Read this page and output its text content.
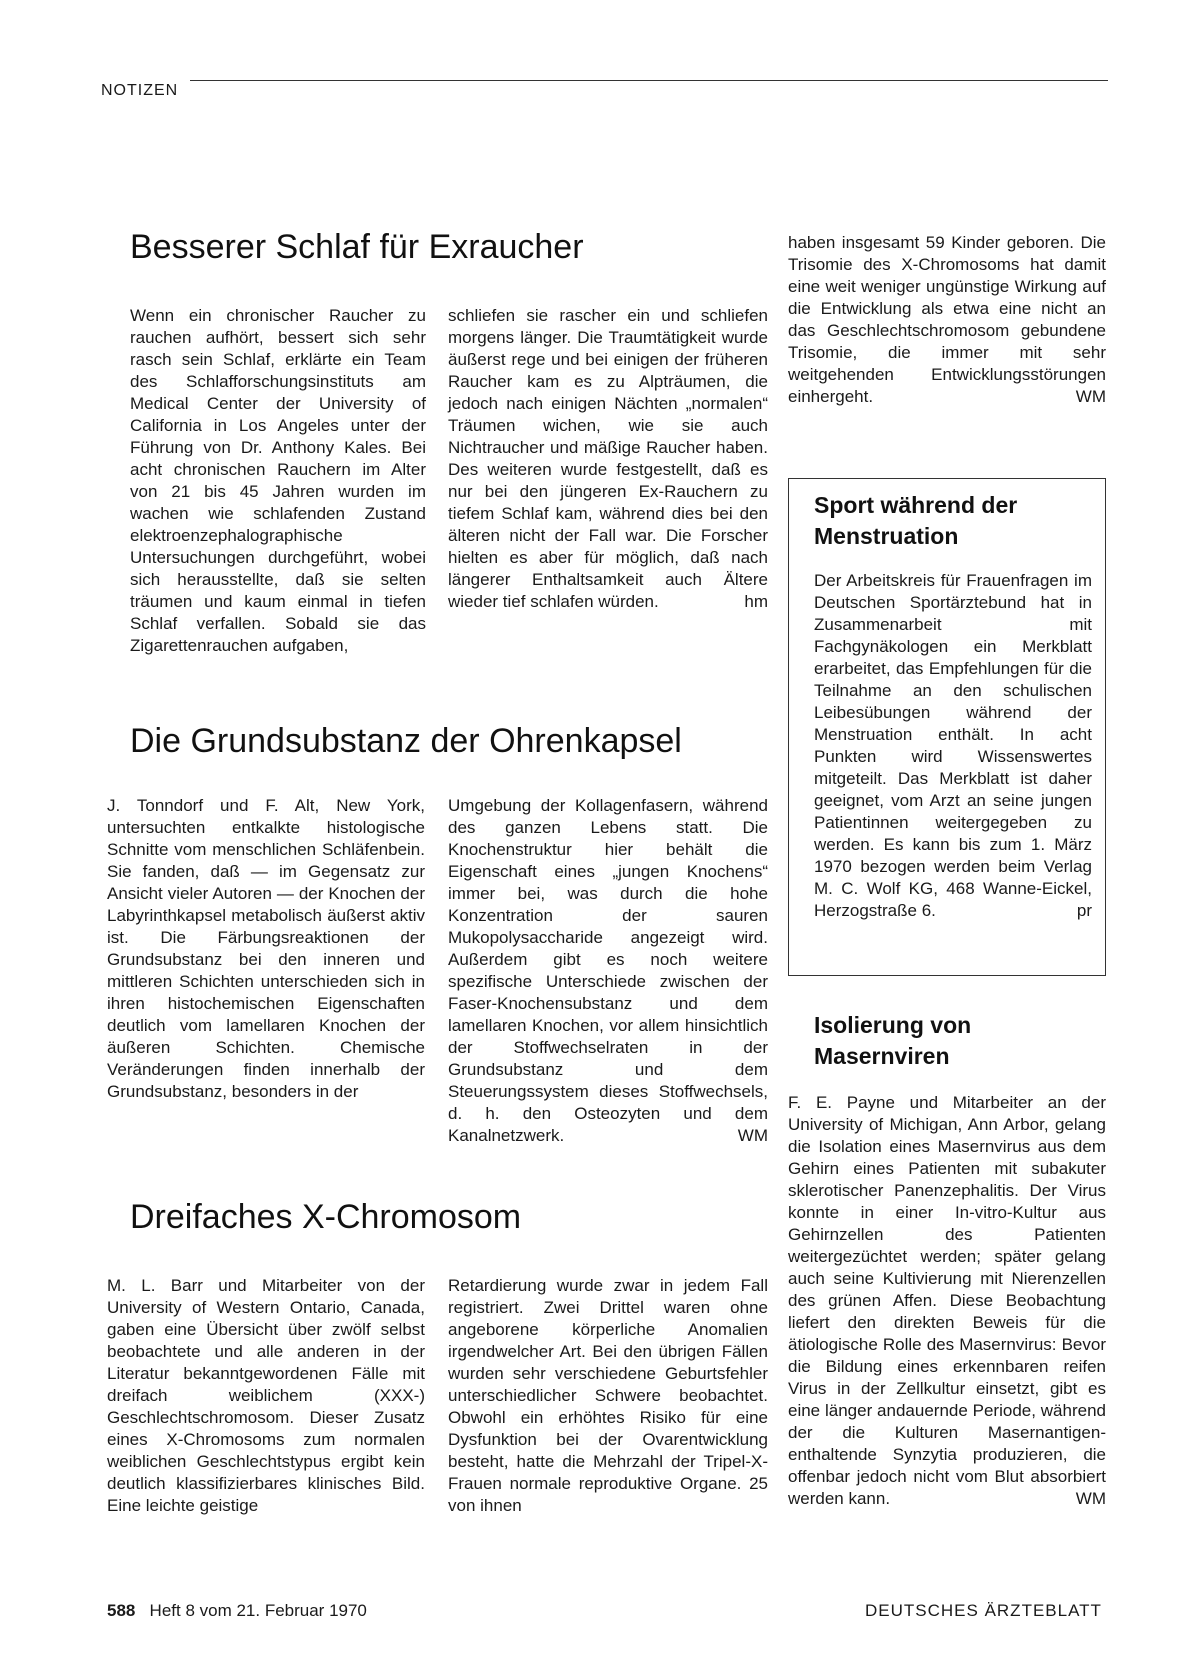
NOTIZEN
Besserer Schlaf für Exraucher

Wenn ein chronischer Raucher zu rauchen aufhört, bessert sich sehr rasch sein Schlaf, erklärte ein Team des Schlafforschungsinstituts am Medical Center der University of California in Los Angeles unter der Führung von Dr. Anthony Kales. Bei acht chronischen Rauchern im Alter von 21 bis 45 Jahren wurden im wachen wie schlafenden Zustand elektroenzephalographische Untersuchungen durchgeführt, wobei sich herausstellte, daß sie selten träumen und kaum einmal in tiefen Schlaf verfallen. Sobald sie das Zigarettenrauchen aufgaben,

schliefen sie rascher ein und schliefen morgens länger. Die Traumtätigkeit wurde äußerst rege und bei einigen der früheren Raucher kam es zu Alpträumen, die jedoch nach einigen Nächten „normalen“ Träumen wichen, wie sie auch Nichtraucher und mäßige Raucher haben. Des weiteren wurde festgestellt, daß es nur bei den jüngeren Ex-Rauchern zu tiefem Schlaf kam, während dies bei den älteren nicht der Fall war. Die Forscher hielten es aber für möglich, daß nach längerer Enthaltsamkeit auch Ältere wieder tief schlafen würden.	hm

Die Grundsubstanz der Ohrenkapsel

J. Tonndorf und F. Alt, New York, untersuchten entkalkte histologische Schnitte vom menschlichen Schläfenbein. Sie fanden, daß — im Gegensatz zur Ansicht vieler Autoren — der Knochen der Labyrinthkapsel metabolisch äußerst aktiv ist. Die Färbungsreaktionen der Grundsubstanz bei den inneren und mittleren Schichten unterschieden sich in ihren histochemischen Eigenschaften deutlich vom lamellaren Knochen der äußeren Schichten. Chemische Veränderungen finden innerhalb der Grundsubstanz, besonders in der

Umgebung der Kollagenfasern, während des ganzen Lebens statt. Die Knochenstruktur hier behält die Eigenschaft eines „jungen Knochens“ immer bei, was durch die hohe Konzentration der sauren Mukopolysaccharide angezeigt wird. Außerdem gibt es noch weitere spezifische Unterschiede zwischen der Faser-Knochensubstanz und dem lamellaren Knochen, vor allem hinsichtlich der Stoffwechselraten in der Grundsubstanz und dem Steuerungssystem dieses Stoffwechsels, d. h. den Osteozyten und dem Kanalnetzwerk.	WM

Dreifaches X-Chromosom

M. L. Barr und Mitarbeiter von der University of Western Ontario, Canada, gaben eine Übersicht über zwölf selbst beobachtete und alle anderen in der Literatur bekanntgewordenen Fälle mit dreifach weiblichem (XXX-) Geschlechtschromosom. Dieser Zusatz eines X-Chromosoms zum normalen weiblichen Geschlechtstypus ergibt kein deutlich klassifizierbares klinisches Bild. Eine leichte geistige

Retardierung wurde zwar in jedem Fall registriert. Zwei Drittel waren ohne angeborene körperliche Anomalien irgendwelcher Art. Bei den übrigen Fällen wurden sehr verschiedene Geburtsfehler unterschiedlicher Schwere beobachtet. Obwohl ein erhöhtes Risiko für eine Dysfunktion bei der Ovarentwicklung besteht, hatte die Mehrzahl der Tripel-X-Frauen normale reproduktive Organe. 25 von ihnen

haben insgesamt 59 Kinder geboren. Die Trisomie des X-Chromosoms hat damit eine weit weniger ungünstige Wirkung auf die Entwicklung als etwa eine nicht an das Geschlechtschromosom gebundene Trisomie, die immer mit sehr weitgehenden Entwicklungsstörungen einhergeht.	WM

Sport während der Menstruation

Der Arbeitskreis für Frauenfragen im Deutschen Sportärztebund hat in Zusammenarbeit mit Fachgynäkologen ein Merkblatt erarbeitet, das Empfehlungen für die Teilnahme an den schulischen Leibesübungen während der Menstruation enthält. In acht Punkten wird Wissenswertes mitgeteilt. Das Merkblatt ist daher geeignet, vom Arzt an seine jungen Patientinnen weitergegeben zu werden. Es kann bis zum 1. März 1970 bezogen werden beim Verlag M. C. Wolf KG, 468 Wanne-Eickel, Herzogstraße 6.	pr

Isolierung von Masernviren

F. E. Payne und Mitarbeiter an der University of Michigan, Ann Arbor, gelang die Isolation eines Masernvirus aus dem Gehirn eines Patienten mit subakuter sklerotischer Panenzephalitis. Der Virus konnte in einer In-vitro-Kultur aus Gehirnzellen des Patienten weitergezüchtet werden; später gelang auch seine Kultivierung mit Nierenzellen des grünen Affen. Diese Beobachtung liefert den direkten Beweis für die ätiologische Rolle des Masernvirus: Bevor die Bildung eines erkennbaren reifen Virus in der Zellkultur einsetzt, gibt es eine länger andauernde Periode, während der die Kulturen Masernantigen-enthaltende Synzytia produzieren, die offenbar jedoch nicht vom Blut absorbiert werden kann.	WM

588 Heft 8 vom 21. Februar 1970	DEUTSCHES ÄRZTEBLATT
